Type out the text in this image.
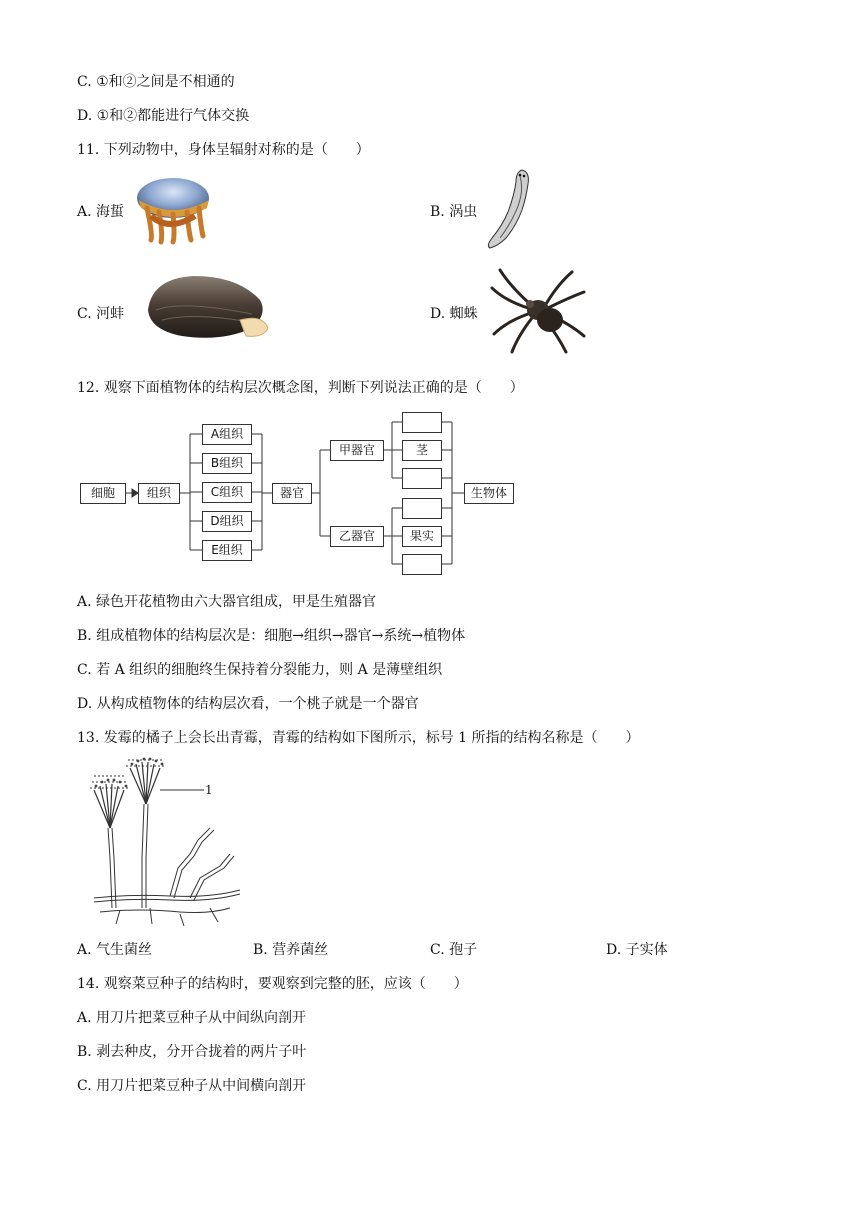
C. ①和②之间是不相通的
D. ①和②都能进行气体交换
11. 下列动物中，身体呈辐射对称的是（　　）
A. 海蜇	B. 涡虫
C. 河蚌	D. 蜘蛛
12. 观察下面植物体的结构层次概念图，判断下列说法正确的是（　　）
细胞	组织
A组织
B组织
C组织
D组织
E组织
器官
甲器官
乙器官
茎
果实
生物体
A. 绿色开花植物由六大器官组成，甲是生殖器官
B. 组成植物体的结构层次是：细胞→组织→器官→系统→植物体
C. 若 A 组织的细胞终生保持着分裂能力，则 A 是薄壁组织
D. 从构成植物体的结构层次看，一个桃子就是一个器官
13. 发霉的橘子上会长出青霉，青霉的结构如下图所示，标号 1 所指的结构名称是（　　）
1
A. 气生菌丝	B. 营养菌丝	C. 孢子	D. 子实体
14. 观察菜豆种子的结构时，要观察到完整的胚，应该（　　）
A. 用刀片把菜豆种子从中间纵向剖开
B. 剥去种皮，分开合拢着的两片子叶
C. 用刀片把菜豆种子从中间横向剖开
